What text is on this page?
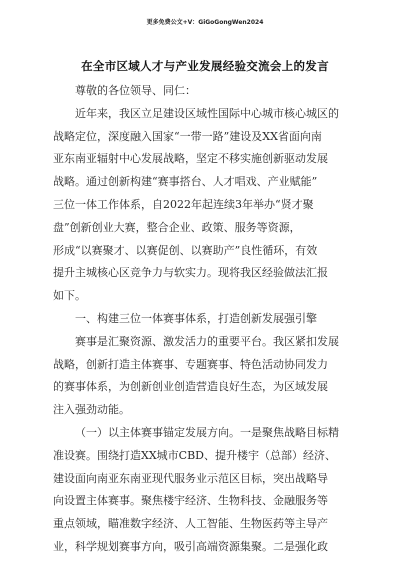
更多免费公文+V：GiGoGongWen2024
在全市区域人才与产业发展经验交流会上的发言
尊敬的各位领导、同仁：
近年来，我区立足建设区域性国际中心城市核心城区的
战略定位，深度融入国家“一带一路”建设及XX省面向南
亚东南亚辐射中心发展战略，坚定不移实施创新驱动发展
战略。通过创新构建“赛事搭台、人才唱戏、产业赋能”
三位一体工作体系，自2022年起连续3年举办“贤才聚
盘”创新创业大赛，整合企业、政策、服务等资源，
形成“以赛聚才、以赛促创、以赛助产”良性循环，有效
提升主城核心区竞争力与软实力。现将我区经验做法汇报
如下。
一、构建三位一体赛事体系，打造创新发展强引擎
赛事是汇聚资源、激发活力的重要平台。我区紧扣发展
战略，创新打造主体赛事、专题赛事、特色活动协同发力
的赛事体系，为创新创业创造营造良好生态，为区域发展
注入强劲动能。
（一）以主体赛事锚定发展方向。一是聚焦战略目标精
准设赛。围绕打造XX城市CBD、提升楼宇（总部）经济、
建设面向南亚东南亚现代服务业示范区目标，突出战略导
向设置主体赛事。聚焦楼宇经济、生物科技、金融服务等
重点领域，瞄准数字经济、人工智能、生物医药等主导产
业，科学规划赛事方向，吸引高端资源集聚。二是强化政
